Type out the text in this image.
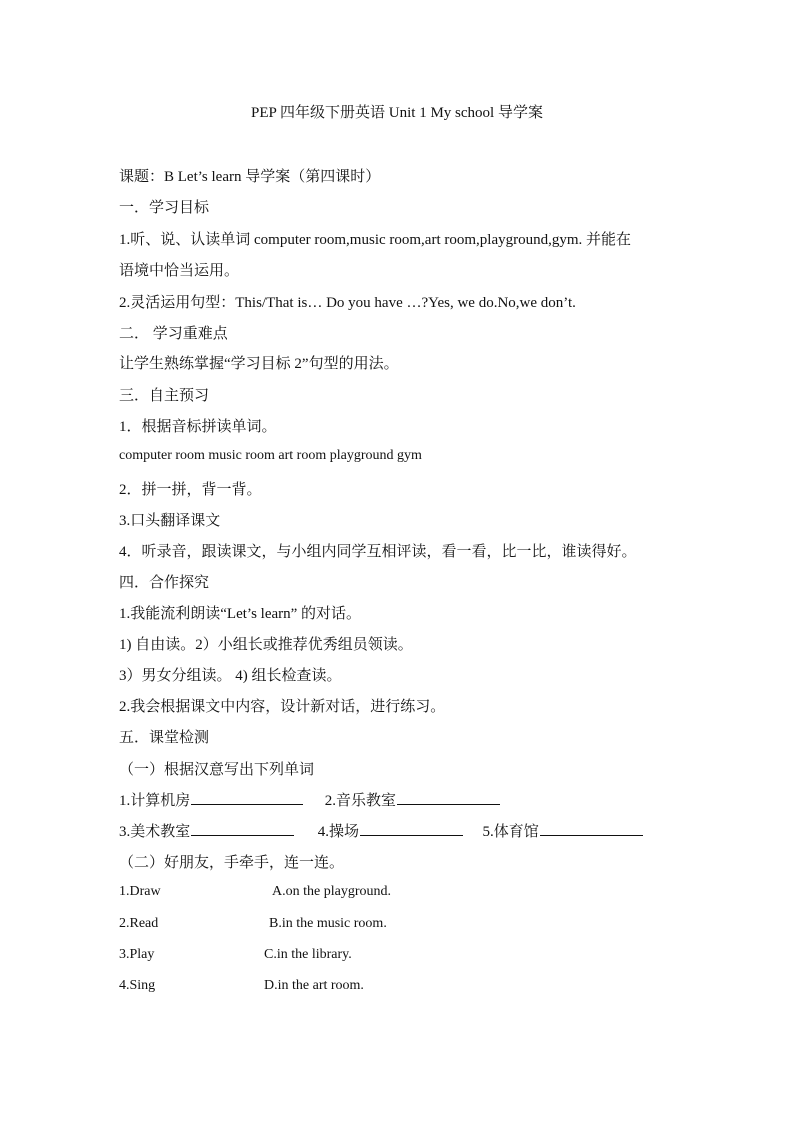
PEP 四年级下册英语 Unit 1 My school 导学案
课题：B Let’s learn 导学案（第四课时）
一．学习目标
1.听、说、认读单词 computer room,music room,art room,playground,gym. 并能在
语境中恰当运用。
2.灵活运用句型：This/That is… Do you have …?Yes, we do.No,we don’t.
二． 学习重难点
让学生熟练掌握“学习目标 2”句型的用法。
三．自主预习
1．根据音标拼读单词。
computer room music room art room playground gym
2．拼一拼，背一背。
3.口头翻译课文
4．听录音，跟读课文，与小组内同学互相评读，看一看，比一比，谁读得好。
四．合作探究
1.我能流利朗读“Let’s learn” 的对话。
1) 自由读。2）小组长或推荐优秀组员领读。
3）男女分组读。 4) 组长检查读。
2.我会根据课文中内容，设计新对话，进行练习。
五．课堂检测
（一）根据汉意写出下列单词
1.计算机房	2.音乐教室
3.美术教室	4.操场	5.体育馆
（二）好朋友，手牵手，连一连。
1.Draw	A.on the playground.
2.Read	B.in the music room.
3.Play	C.in the library.
4.Sing	D.in the art room.
